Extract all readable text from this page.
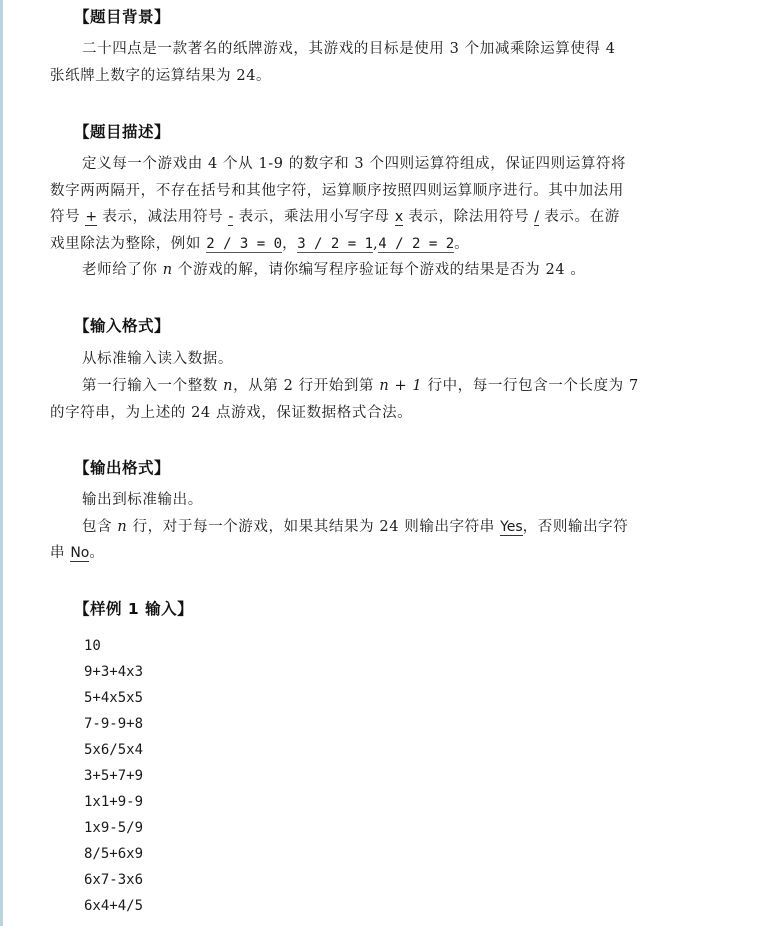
【题目背景】
二十四点是一款著名的纸牌游戏，其游戏的目标是使用 3 个加减乘除运算使得 4
张纸牌上数字的运算结果为 24。
【题目描述】
定义每一个游戏由 4 个从 1-9 的数字和 3 个四则运算符组成，保证四则运算符将
数字两两隔开，不存在括号和其他字符，运算顺序按照四则运算顺序进行。其中加法用
符号 + 表示，减法用符号 - 表示，乘法用小写字母 x 表示，除法用符号 / 表示。在游
戏里除法为整除，例如 2 / 3 = 0，3 / 2 = 1,4 / 2 = 2。
老师给了你 n 个游戏的解，请你编写程序验证每个游戏的结果是否为 24 。
【输入格式】
从标准输入读入数据。
第一行输入一个整数 n，从第 2 行开始到第 n + 1 行中，每一行包含一个长度为 7
的字符串，为上述的 24 点游戏，保证数据格式合法。
【输出格式】
输出到标准输出。
包含 n 行，对于每一个游戏，如果其结果为 24 则输出字符串 Yes，否则输出字符
串 No。
【样例 1 输入】
10
9+3+4x3
5+4x5x5
7-9-9+8
5x6/5x4
3+5+7+9
1x1+9-9
1x9-5/9
8/5+6x9
6x7-3x6
6x4+4/5
